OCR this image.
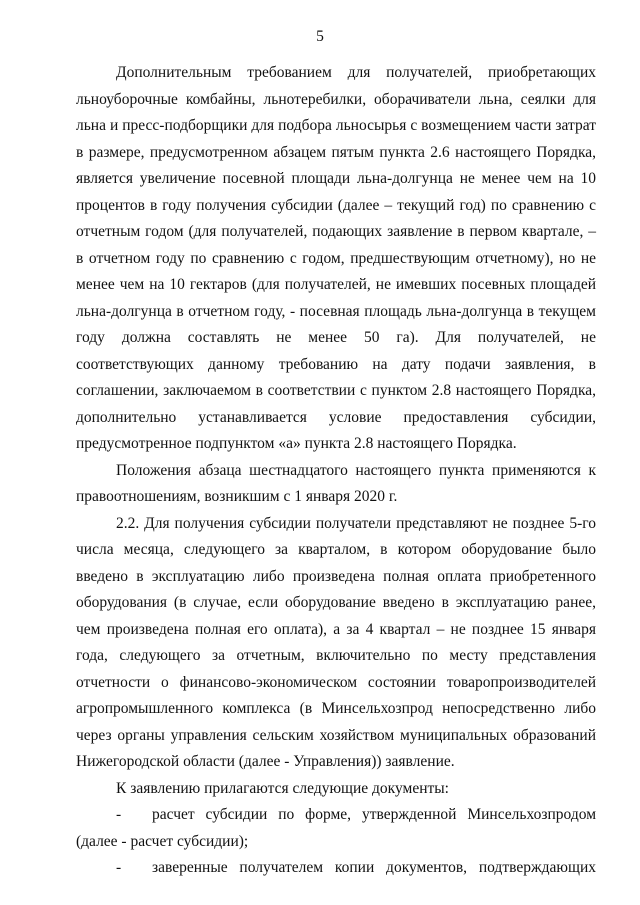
5

Дополнительным требованием для получателей, приобретающих льноуборочные комбайны, льнотеребилки, оборачиватели льна, сеялки для льна и пресс-подборщики для подбора льносырья с возмещением части затрат в размере, предусмотренном абзацем пятым пункта 2.6 настоящего Порядка, является увеличение посевной площади льна-долгунца не менее чем на 10 процентов в году получения субсидии (далее – текущий год) по сравнению с отчетным годом (для получателей, подающих заявление в первом квартале, – в отчетном году по сравнению с годом, предшествующим отчетному), но не менее чем на 10 гектаров (для получателей, не имевших посевных площадей льна-долгунца в отчетном году, - посевная площадь льна-долгунца в текущем году должна составлять не менее 50 га). Для получателей, не соответствующих данному требованию на дату подачи заявления, в соглашении, заключаемом в соответствии с пунктом 2.8 настоящего Порядка, дополнительно устанавливается условие предоставления субсидии, предусмотренное подпунктом «а» пункта 2.8 настоящего Порядка.

Положения абзаца шестнадцатого настоящего пункта применяются к правоотношениям, возникшим с 1 января 2020 г.

2.2. Для получения субсидии получатели представляют не позднее 5-го числа месяца, следующего за кварталом, в котором оборудование было введено в эксплуатацию либо произведена полная оплата приобретенного оборудования (в случае, если оборудование введено в эксплуатацию ранее, чем произведена полная его оплата), а за 4 квартал – не позднее 15 января года, следующего за отчетным, включительно по месту представления отчетности о финансово-экономическом состоянии товаропроизводителей агропромышленного комплекса (в Минсельхозпрод непосредственно либо через органы управления сельским хозяйством муниципальных образований Нижегородской области (далее - Управления)) заявление.

К заявлению прилагаются следующие документы:

- расчет субсидии по форме, утвержденной Минсельхозпродом (далее - расчет субсидии);

- заверенные получателем копии документов, подтверждающих
